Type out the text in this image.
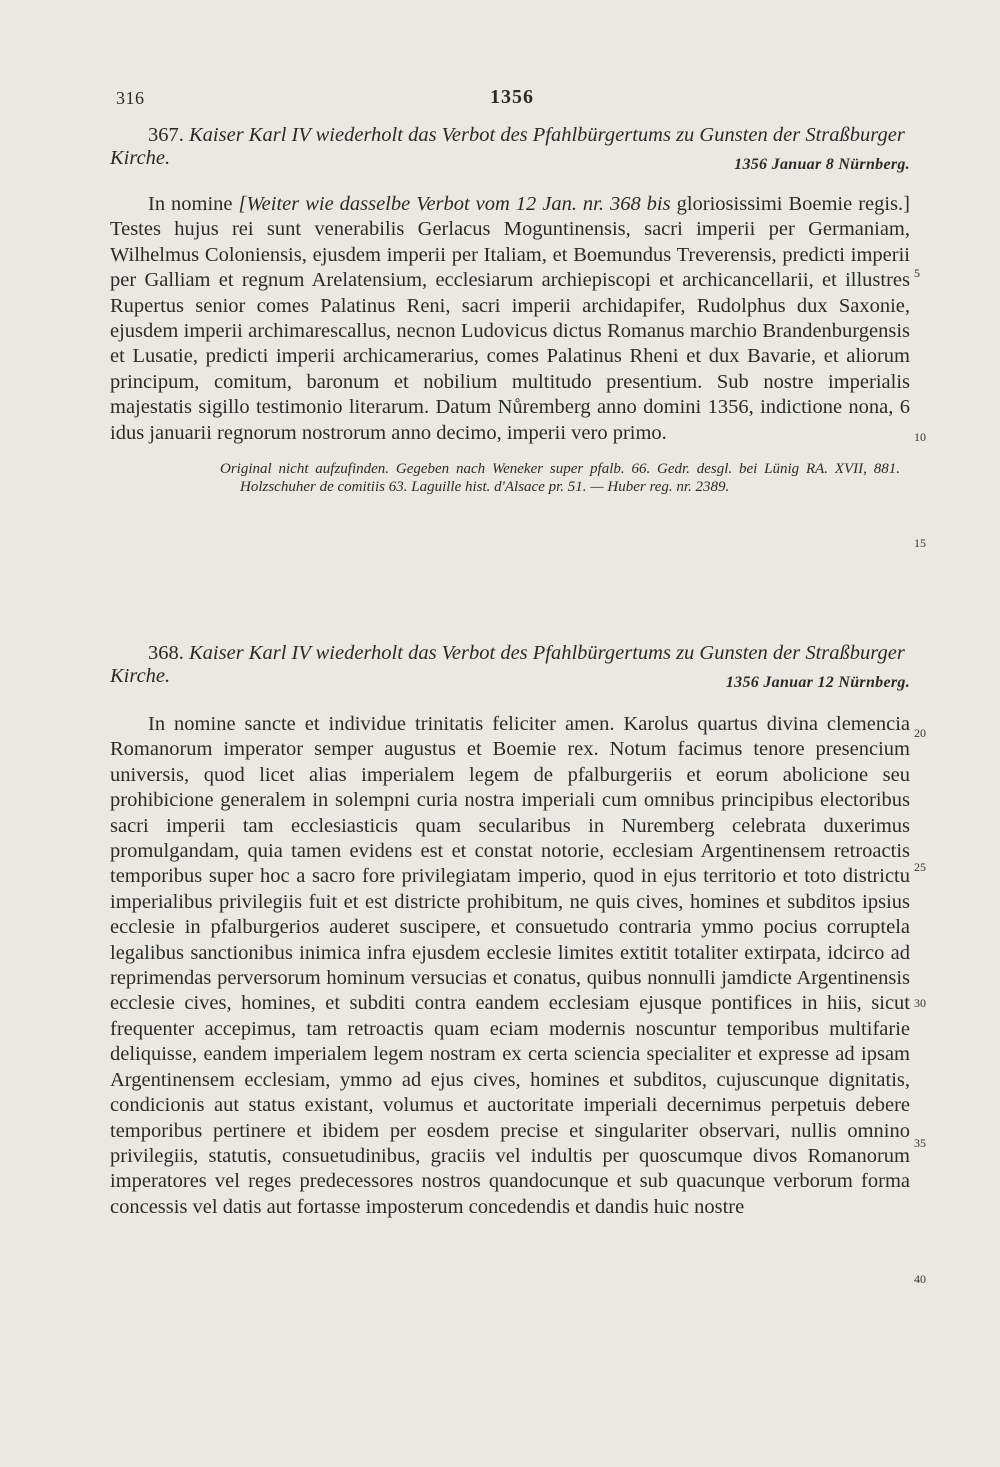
316	1356
367. Kaiser Karl IV wiederholt das Verbot des Pfahlbürgertums zu Gunsten der Straßburger Kirche.	1356 Januar 8 Nürnberg.
In nomine [Weiter wie dasselbe Verbot vom 12 Jan. nr. 368 bis gloriosissimi Boemie regis.] Testes hujus rei sunt venerabilis Gerlacus Moguntinensis, sacri imperii per Germaniam, Wilhelmus Coloniensis, ejusdem imperii per Italiam, et Boemundus Treverensis, predicti imperii per Galliam et regnum Arelatensium, ecclesiarum archiepiscopi et archicancellarii, et illustres Rupertus senior comes Palatinus Reni, sacri imperii archidapifer, Rudolphus dux Saxonie, ejusdem imperii archimarescallus, necnon Ludovicus dictus Romanus marchio Brandenburgensis et Lusatie, predicti imperii archicamerarius, comes Palatinus Rheni et dux Bavarie, et aliorum principum, comitum, baronum et nobilium multitudo presentium. Sub nostre imperialis majestatis sigillo testimonio literarum. Datum Nůremberg anno domini 1356, indictione nona, 6 idus januarii regnorum nostrorum anno decimo, imperii vero primo.
Original nicht aufzufinden. Gegeben nach Weneker super pfalb. 66. Gedr. desgl. bei Lünig RA. XVII, 881. Holzschuher de comitiis 63. Laguille hist. d'Alsace pr. 51. — Huber reg. nr. 2389.
368. Kaiser Karl IV wiederholt das Verbot des Pfahlbürgertums zu Gunsten der Straßburger Kirche.	1356 Januar 12 Nürnberg.
In nomine sancte et individue trinitatis feliciter amen. Karolus quartus divina clemencia Romanorum imperator semper augustus et Boemie rex. Notum facimus tenore presencium universis, quod licet alias imperialem legem de pfalburgeriis et eorum abolicione seu prohibicione generalem in solempni curia nostra imperiali cum omnibus principibus electoribus sacri imperii tam ecclesiasticis quam secularibus in Nuremberg celebrata duxerimus promulgandam, quia tamen evidens est et constat notorie, ecclesiam Argentinensem retroactis temporibus super hoc a sacro fore privilegiatam imperio, quod in ejus territorio et toto districtu imperialibus privilegiis fuit et est districte prohibitum, ne quis cives, homines et subditos ipsius ecclesie in pfalburgerios auderet suscipere, et consuetudo contraria ymmo pocius corruptela legalibus sanctionibus inimica infra ejusdem ecclesie limites extitit totaliter extirpata, idcirco ad reprimendas perversorum hominum versucias et conatus, quibus nonnulli jamdicte Argentinensis ecclesie cives, homines, et subditi contra eandem ecclesiam ejusque pontifices in hiis, sicut frequenter accepimus, tam retroactis quam eciam modernis noscuntur temporibus multifarie deliquisse, eandem imperialem legem nostram ex certa sciencia specialiter et expresse ad ipsam Argentinensem ecclesiam, ymmo ad ejus cives, homines et subditos, cujuscunque dignitatis, condicionis aut status existant, volumus et auctoritate imperiali decernimus perpetuis debere temporibus pertinere et ibidem per eosdem precise et singulariter observari, nullis omnino privilegiis, statutis, consuetudinibus, graciis vel indultis per quoscumque divos Romanorum imperatores vel reges predecessores nostros quandocunque et sub quacunque verborum forma concessis vel datis aut fortasse imposterum concedendis et dandis huic nostre
5
10
15
20
25
30
35
40
